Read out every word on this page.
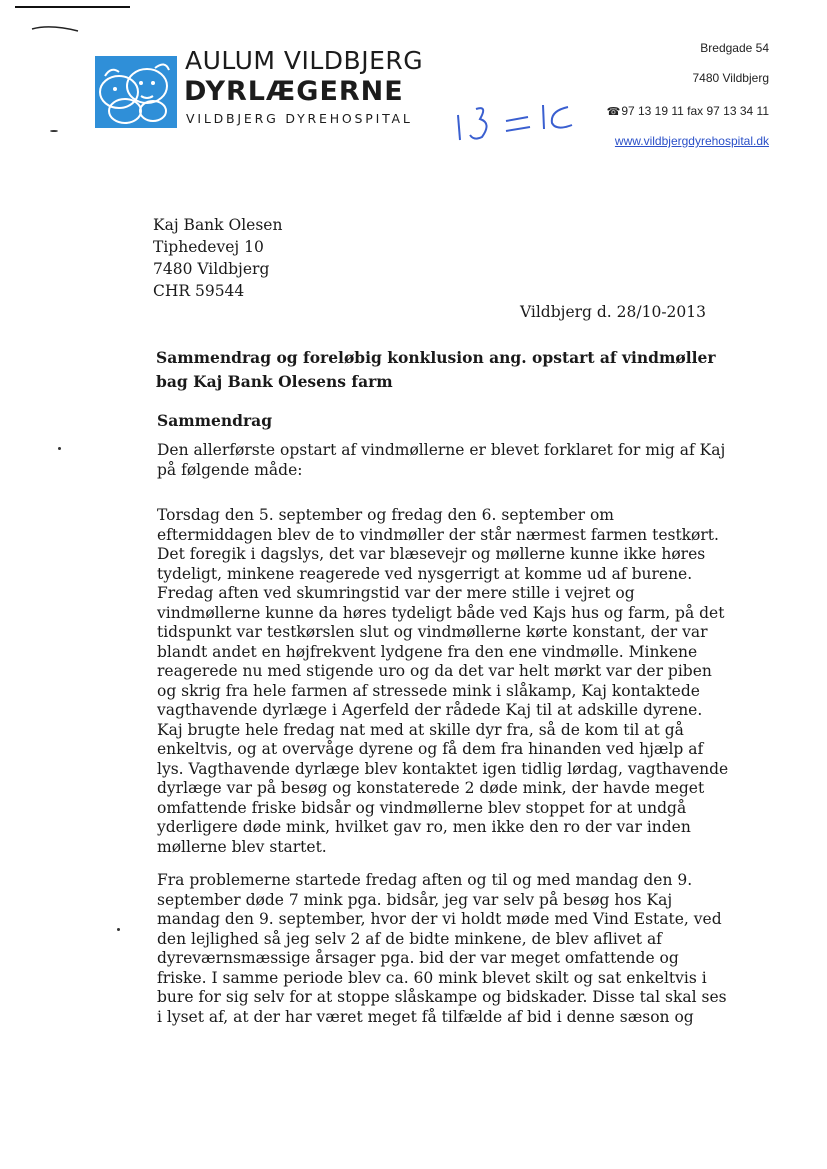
AULUM VILDBJERG
DYRLÆGERNE
VILDBJERG DYREHOSPITAL
Bredgade 54
7480 Vildbjerg
☎97 13 19 11 fax 97 13 34 11
www.vildbjergdyrehospital.dk
Kaj Bank Olesen
Tiphedevej 10
7480 Vildbjerg
CHR 59544
Vildbjerg d. 28/10-2013
Sammendrag og foreløbig konklusion ang. opstart af vindmøller bag Kaj Bank Olesens farm
Sammendrag

Den allerførste opstart af vindmøllerne er blevet forklaret for mig af Kaj på følgende måde:

Torsdag den 5. september og fredag den 6. september om eftermiddagen blev de to vindmøller der står nærmest farmen testkørt. Det foregik i dagslys, det var blæsevejr og møllerne kunne ikke høres tydeligt, minkene reagerede ved nysgerrigt at komme ud af burene. Fredag aften ved skumringstid var der mere stille i vejret og vindmøllerne kunne da høres tydeligt både ved Kajs hus og farm, på det tidspunkt var testkørslen slut og vindmøllerne kørte konstant, der var blandt andet en højfrekvent lydgene fra den ene vindmølle. Minkene reagerede nu med stigende uro og da det var helt mørkt var der piben og skrig fra hele farmen af stressede mink i slåkamp, Kaj kontaktede vagthavende dyrlæge i Agerfeld der rådede Kaj til at adskille dyrene. Kaj brugte hele fredag nat med at skille dyr fra, så de kom til at gå enkeltvis, og at overvåge dyrene og få dem fra hinanden ved hjælp af lys. Vagthavende dyrlæge blev kontaktet igen tidlig lørdag, vagthavende dyrlæge var på besøg og konstaterede 2 døde mink, der havde meget omfattende friske bidsår og vindmøllerne blev stoppet for at undgå yderligere døde mink, hvilket gav ro, men ikke den ro der var inden møllerne blev startet.

Fra problemerne startede fredag aften og til og med mandag den 9. september døde 7 mink pga. bidsår, jeg var selv på besøg hos Kaj mandag den 9. september, hvor der vi holdt møde med Vind Estate, ved den lejlighed så jeg selv 2 af de bidte minkene, de blev aflivet af dyreværnsmæssige årsager pga. bid der var meget omfattende og friske. I samme periode blev ca. 60 mink blevet skilt og sat enkeltvis i bure for sig selv for at stoppe slåskampe og bidskader. Disse tal skal ses i lyset af, at der har været meget få tilfælde af bid i denne sæson og
